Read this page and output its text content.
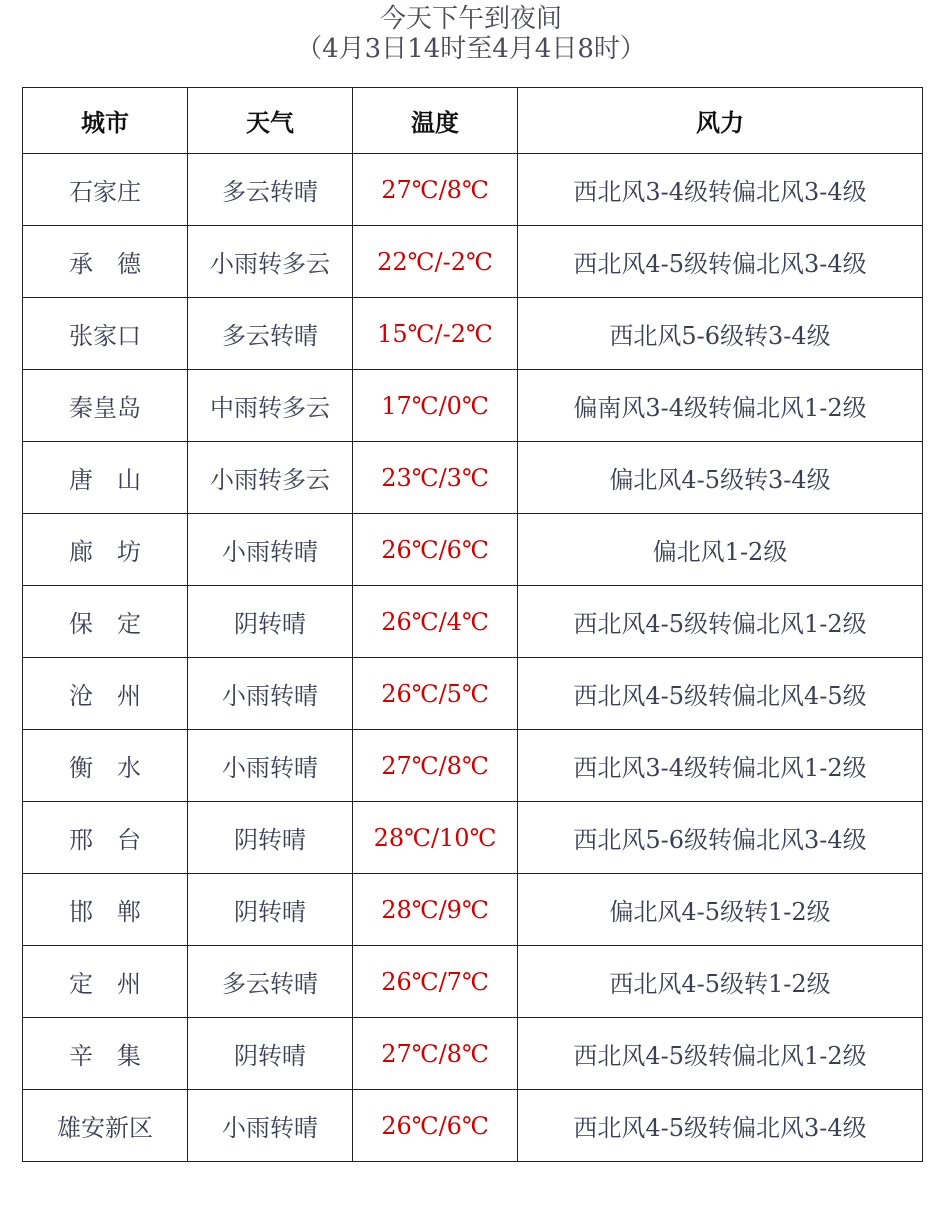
今天下午到夜间
（4月3日14时至4月4日8时）
城市	天气	温度	风力
石家庄	多云转晴	27℃/8℃	西北风3-4级转偏北风3-4级
承德	小雨转多云	22℃/-2℃	西北风4-5级转偏北风3-4级
张家口	多云转晴	15℃/-2℃	西北风5-6级转3-4级
秦皇岛	中雨转多云	17℃/0℃	偏南风3-4级转偏北风1-2级
唐山	小雨转多云	23℃/3℃	偏北风4-5级转3-4级
廊坊	小雨转晴	26℃/6℃	偏北风1-2级
保定	阴转晴	26℃/4℃	西北风4-5级转偏北风1-2级
沧州	小雨转晴	26℃/5℃	西北风4-5级转偏北风4-5级
衡水	小雨转晴	27℃/8℃	西北风3-4级转偏北风1-2级
邢台	阴转晴	28℃/10℃	西北风5-6级转偏北风3-4级
邯郸	阴转晴	28℃/9℃	偏北风4-5级转1-2级
定州	多云转晴	26℃/7℃	西北风4-5级转1-2级
辛集	阴转晴	27℃/8℃	西北风4-5级转偏北风1-2级
雄安新区	小雨转晴	26℃/6℃	西北风4-5级转偏北风3-4级
